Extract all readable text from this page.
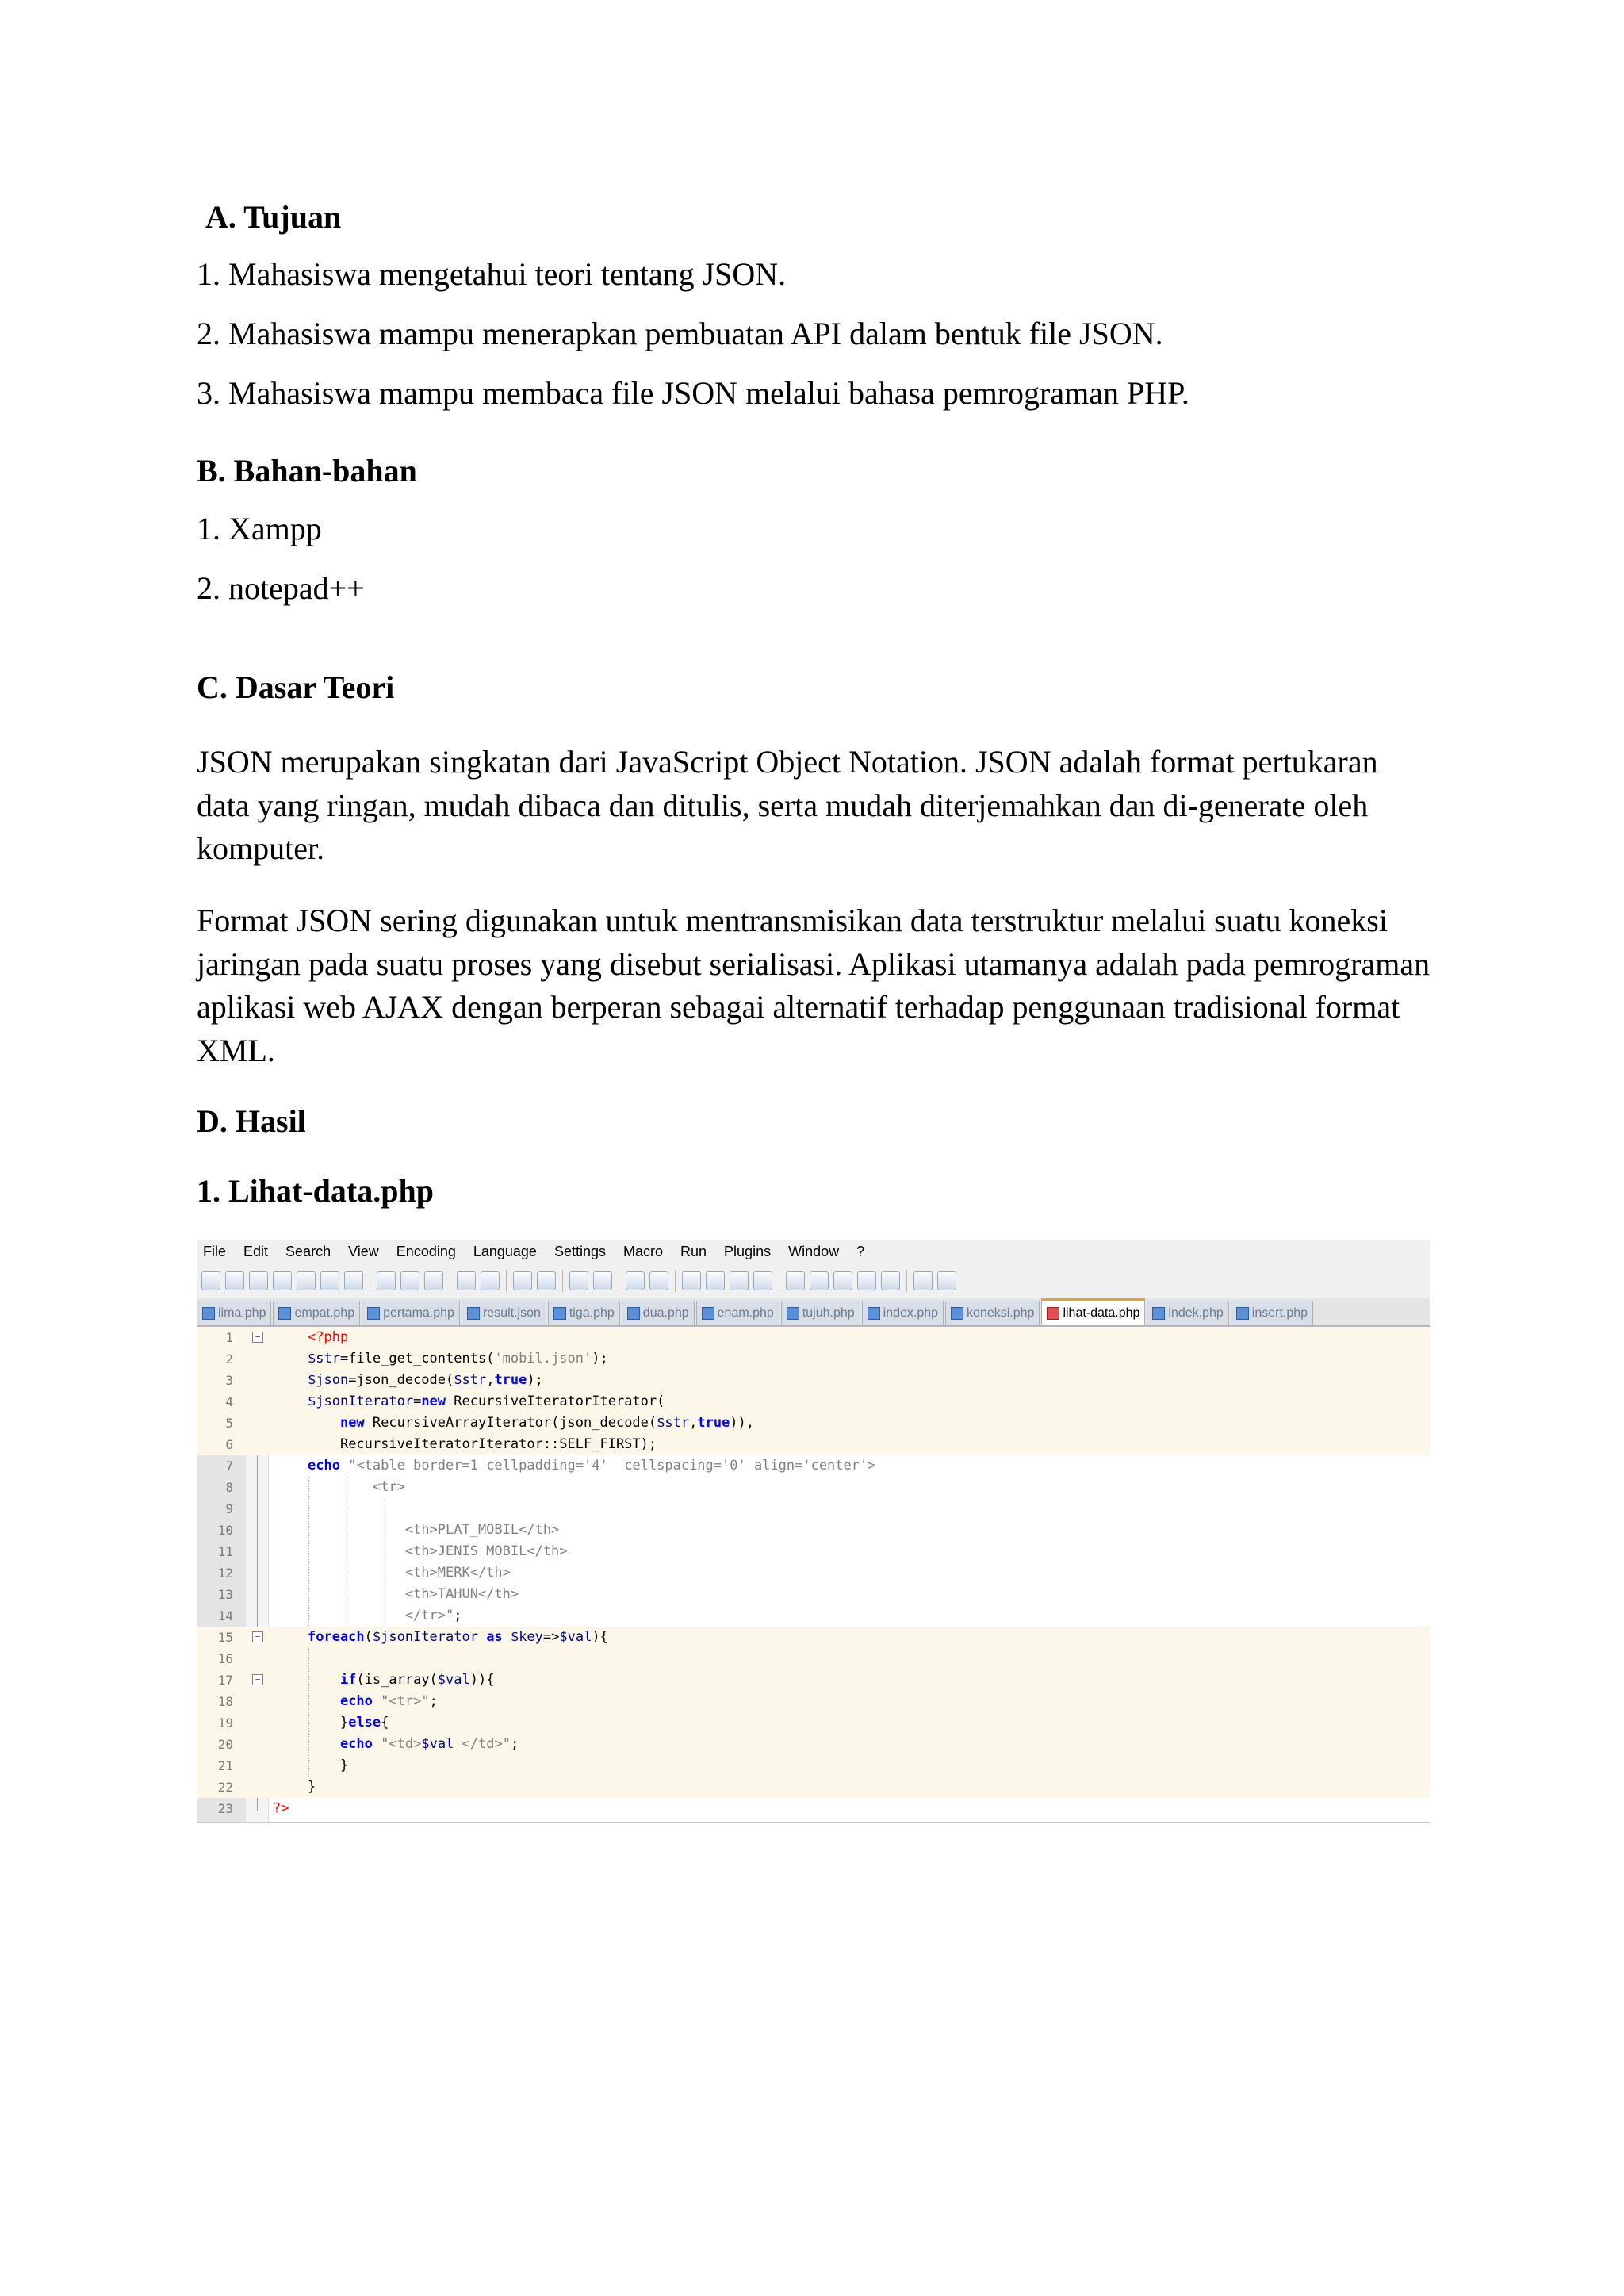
A. Tujuan
1. Mahasiswa mengetahui teori tentang JSON.
2. Mahasiswa mampu menerapkan pembuatan API dalam bentuk file JSON.
3. Mahasiswa mampu membaca file JSON melalui bahasa pemrograman PHP.
B. Bahan-bahan
1. Xampp
2. notepad++
C. Dasar Teori
JSON merupakan singkatan dari JavaScript Object Notation. JSON adalah format pertukaran data yang ringan, mudah dibaca dan ditulis, serta mudah diterjemahkan dan di-generate oleh komputer.
Format JSON sering digunakan untuk mentransmisikan data terstruktur melalui suatu koneksi jaringan pada suatu proses yang disebut serialisasi. Aplikasi utamanya adalah pada pemrograman aplikasi web AJAX dengan berperan sebagai alternatif terhadap penggunaan tradisional format XML.
D. Hasil
1. Lihat-data.php
File Edit Search View Encoding Language Settings Macro Run Plugins Window ?
lima.php empat.php pertama.php result.json tiga.php dua.php enam.php tujuh.php index.php koneksi.php lihat-data.php indek.php insert.php
1	−	<?php
2	$str=file_get_contents('mobil.json');
3	$json=json_decode($str,true);
4	$jsonIterator=new RecursiveIteratorIterator(
5	new RecursiveArrayIterator(json_decode($str,true)),
6	RecursiveIteratorIterator::SELF_FIRST);
7	echo "<table border=1 cellpadding='4'  cellspacing='0' align='center'>
8	<tr>
9
10	<th>PLAT_MOBIL</th>
11	<th>JENIS MOBIL</th>
12	<th>MERK</th>
13	<th>TAHUN</th>
14	</tr>";
15	−	foreach($jsonIterator as $key=>$val){
16
17	−	if(is_array($val)){
18	echo "<tr>";
19	}else{
20	echo "<td>$val </td>";
21	}
22	}
23	?>
